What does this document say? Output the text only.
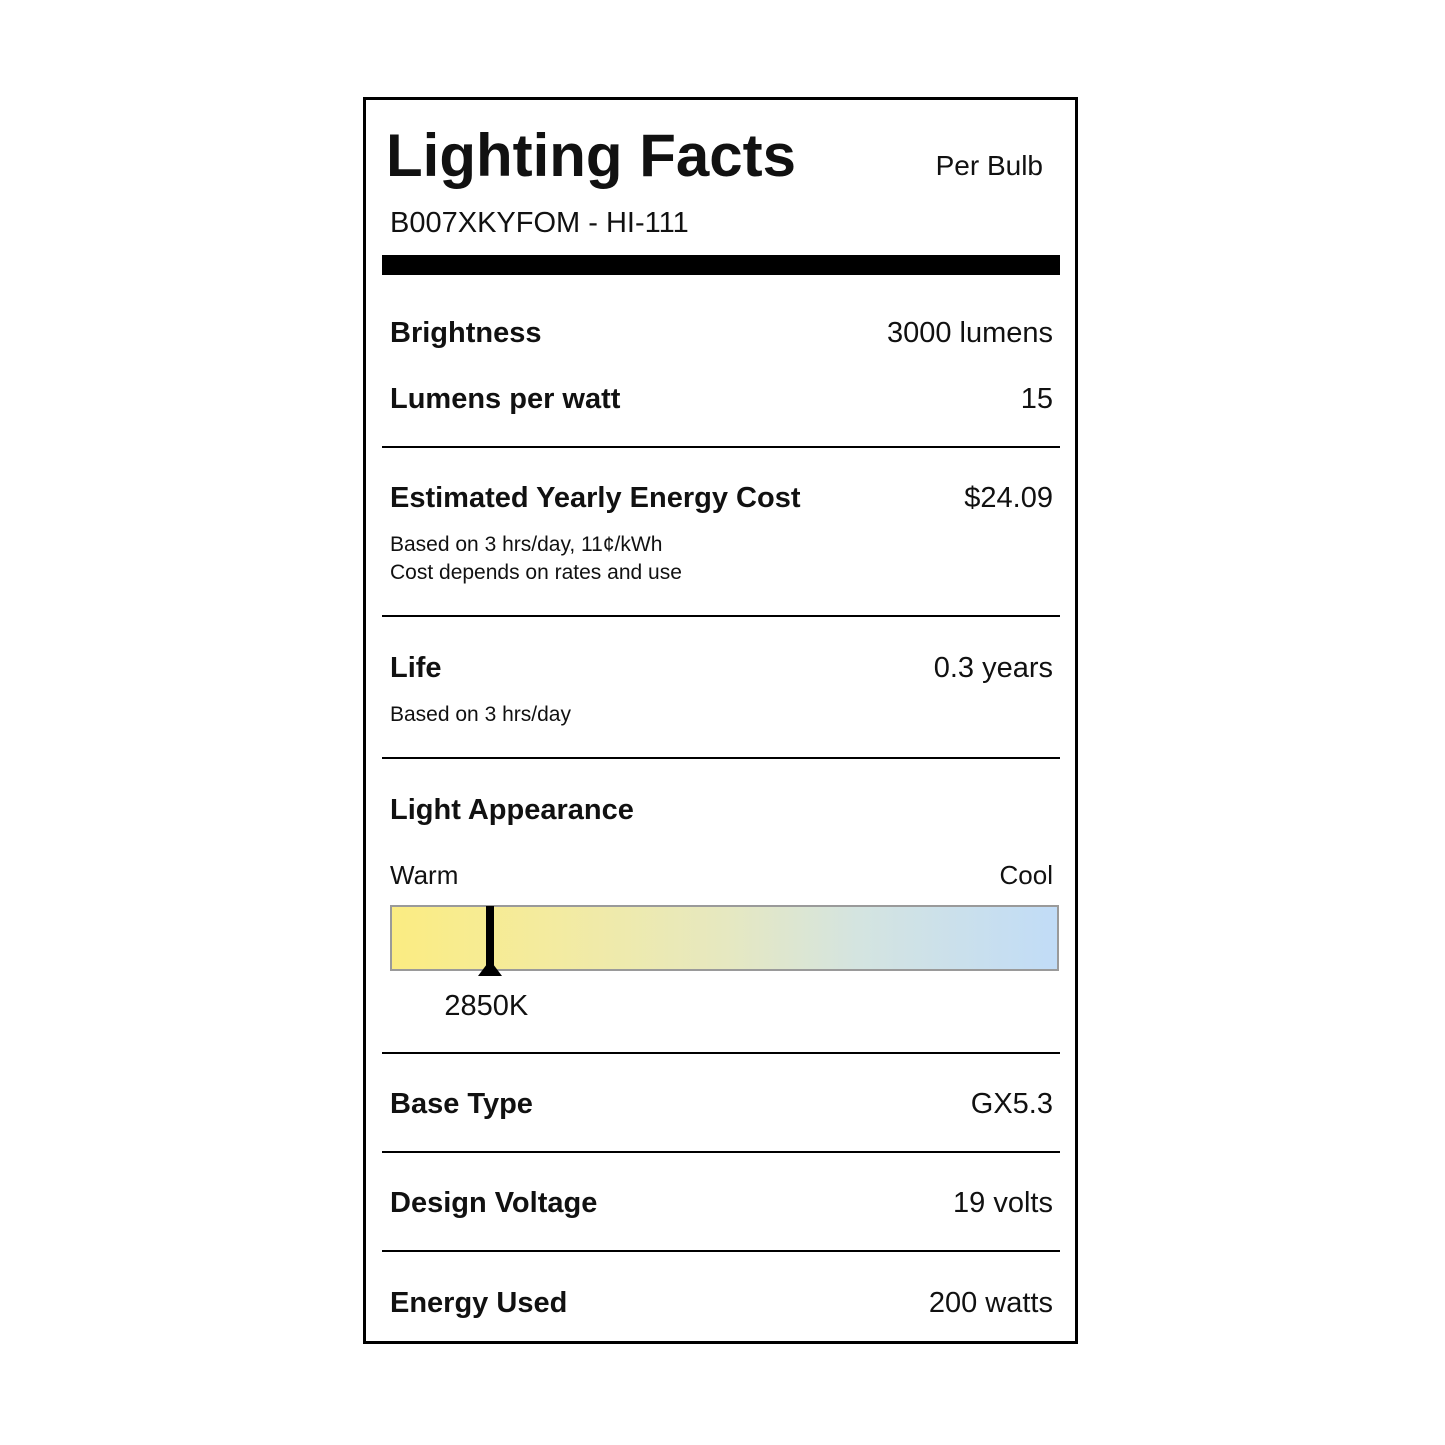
Lighting Facts	Per Bulb
B007XKYFOM - HI-111
Brightness	3000 lumens
Lumens per watt	15
Estimated Yearly Energy Cost	$24.09
Based on 3 hrs/day, 11¢/kWh
Cost depends on rates and use
Life	0.3 years
Based on 3 hrs/day
Light Appearance
Warm	Cool
2850K
Base Type	GX5.3
Design Voltage	19 volts
Energy Used	200 watts
